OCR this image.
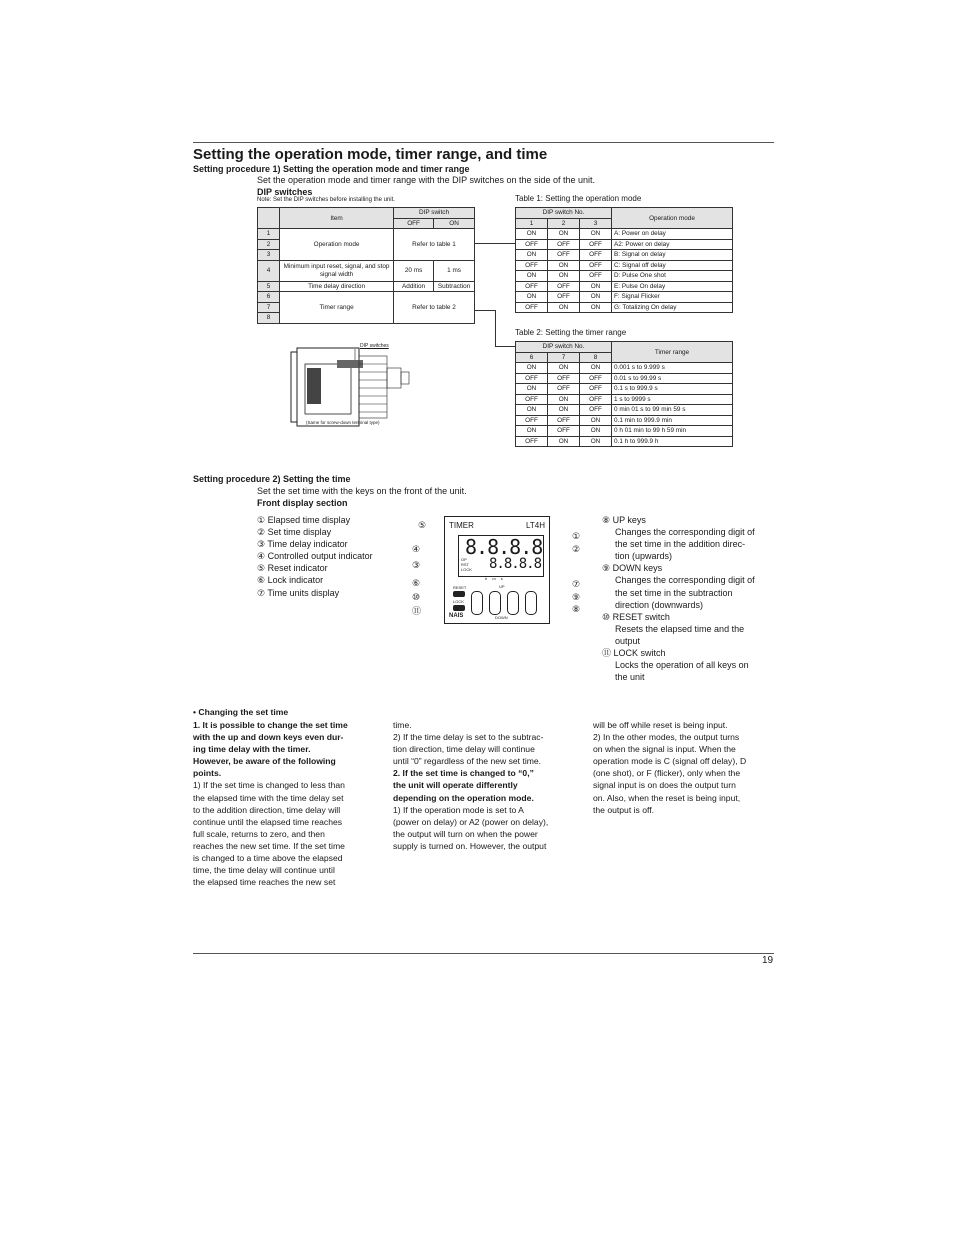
Setting the operation mode, timer range, and time
Setting procedure 1) Setting the operation mode and timer range
Set the operation mode and timer range with the DIP switches on the side of the unit.
DIP switches
Note: Set the DIP switches before installing the unit.
	Item	DIP switch	
		OFF	ON
1	Operation mode	Refer to table 1	
2			
3			
4	Minimum input reset, signal, and stop signal width	20 ms	1 ms
5	Time delay direction	Addition	Subtraction
6	Timer range	Refer to table 2	
7			
8			
Table 1: Setting the operation mode
DIP switch No.			Operation mode
1	2	3	
ON	ON	ON	A: Power on delay
OFF	OFF	OFF	A2: Power on delay
ON	OFF	OFF	B: Signal on delay
OFF	ON	OFF	C: Signal off delay
ON	ON	OFF	D: Pulse One shot
OFF	OFF	ON	E: Pulse On delay
ON	OFF	ON	F: Signal Flicker
OFF	ON	ON	G: Totalizing On delay
Table 2: Setting the timer range
DIP switch No.			Timer range
6	7	8	
ON	ON	ON	0.001 s to 9.999 s
OFF	OFF	OFF	0.01 s to 99.99 s
ON	OFF	OFF	0.1 s to 999.9 s
OFF	ON	OFF	1 s to 9999 s
ON	ON	OFF	0 min 01 s to 99 min 59 s
OFF	OFF	ON	0.1 min to 999.9 min
ON	OFF	ON	0 h 01 min to 99 h 59 min
OFF	ON	ON	0.1 h to 999.9 h
DIP switches
(Same for screw-down terminal type)
Setting procedure 2) Setting the time
Set the set time with the keys on the front of the unit.
Front display section
① Elapsed time display
② Set time display
③ Time delay indicator
④ Controlled output indicator
⑤ Reset indicator
⑥ Lock indicator
⑦ Time units display
TIMER	LT4H
8.8.8.8
8.8.8.8
OP
RST
LOCK
h m s
RESET
LOCK
UP
NAIS	DOWN
⑤
①
④	②
③
⑦
⑥
⑨
⑩
⑪	⑧
⑧ UP keys
Changes the corresponding digit of
the set time in the addition direc-
tion (upwards)
⑨ DOWN keys
Changes the corresponding digit of
the set time in the subtraction
direction (downwards)
⑩ RESET switch
Resets the elapsed time and the
output
⑪ LOCK switch
Locks the operation of all keys on
the unit
• Changing the set time
1. It is possible to change the set time
with the up and down keys even dur-
ing time delay with the timer.
However, be aware of the following
points.
1) If the set time is changed to less than
the elapsed time with the time delay set
to the addition direction, time delay will
continue until the elapsed time reaches
full scale, returns to zero, and then
reaches the new set time. If the set time
is changed to a time above the elapsed
time, the time delay will continue until
the elapsed time reaches the new set
time.
2) If the time delay is set to the subtrac-
tion direction, time delay will continue
until “0” regardless of the new set time.
2. If the set time is changed to “0,”
the unit will operate differently
depending on the operation mode.
1) If the operation mode is set to A
(power on delay) or A2 (power on delay),
the output will turn on when the power
supply is turned on. However, the output
will be off while reset is being input.
2) In the other modes, the output turns
on when the signal is input. When the
operation mode is C (signal off delay), D
(one shot), or F (flicker), only when the
signal input is on does the output turn
on. Also, when the reset is being input,
the output is off.
19
